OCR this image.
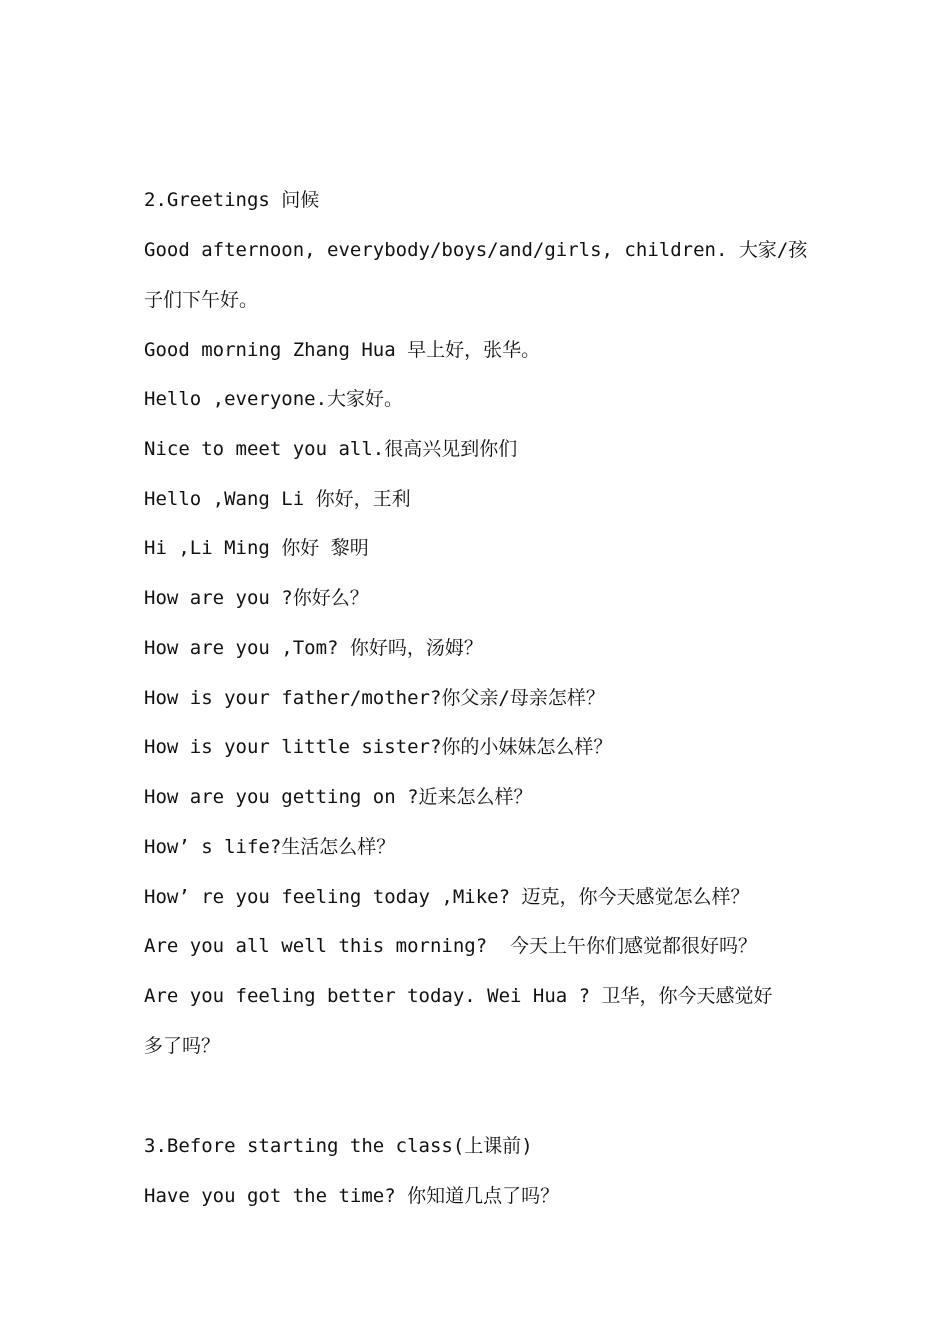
2.Greetings 问候
Good afternoon, everybody/boys/and/girls, children. 大家/孩
子们下午好。
Good morning Zhang Hua 早上好，张华。
Hello ,everyone.大家好。
Nice to meet you all.很高兴见到你们
Hello ,Wang Li 你好，王利
Hi ,Li Ming 你好 黎明
How are you ?你好么？
How are you ,Tom? 你好吗，汤姆？
How is your father/mother?你父亲/母亲怎样？
How is your little sister?你的小妹妹怎么样？
How are you getting on ?近来怎么样？
How’ s life?生活怎么样？
How’ re you feeling today ,Mike? 迈克，你今天感觉怎么样？
Are you all well this morning?  今天上午你们感觉都很好吗？
Are you feeling better today. Wei Hua ? 卫华，你今天感觉好
多了吗？
3.Before starting the class(上课前)
Have you got the time? 你知道几点了吗？
